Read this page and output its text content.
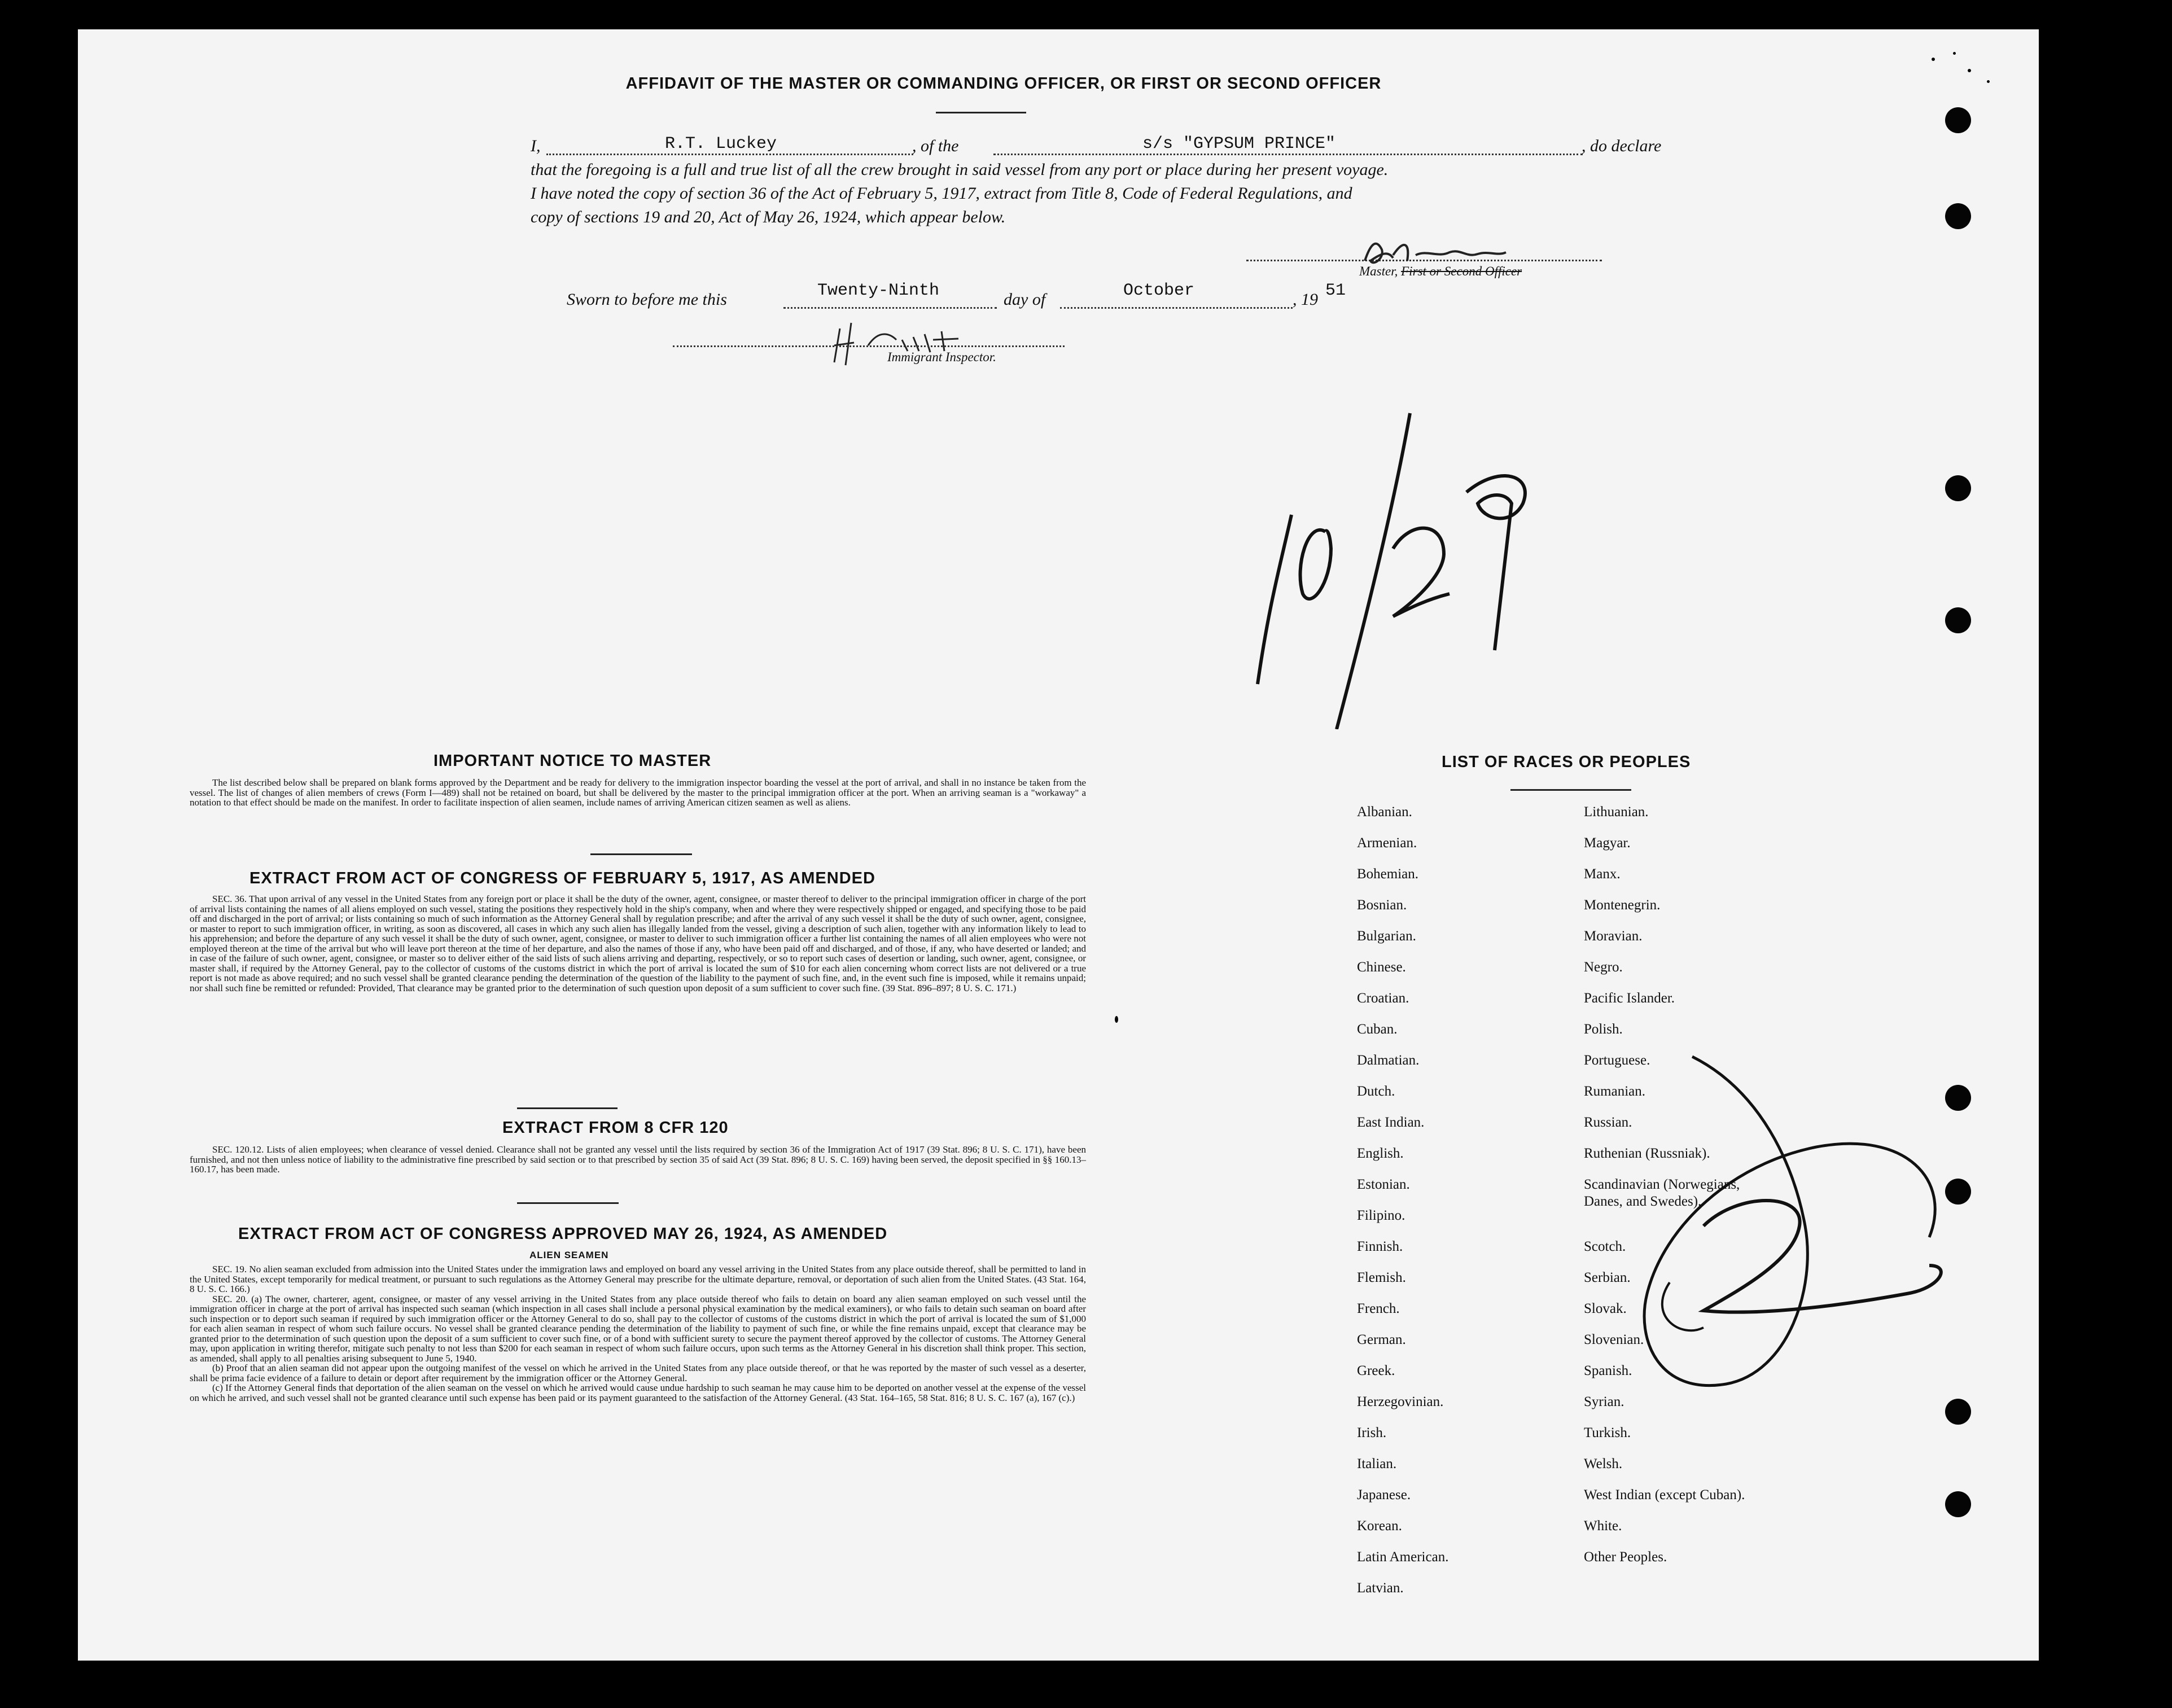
AFFIDAVIT OF THE MASTER OR COMMANDING OFFICER, OR FIRST OR SECOND OFFICER
I,	R.T. Luckey	, of the	s/s "GYPSUM PRINCE"	, do declare
that the foregoing is a full and true list of all the crew brought in said vessel from any port or place during her present voyage.
I have noted the copy of section 36 of the Act of February 5, 1917, extract from Title 8, Code of Federal Regulations, and
copy of sections 19 and 20, Act of May 26, 1924, which appear below.
Master, First or Second Officer
Sworn to before me this	Twenty-Ninth	day of	October	, 19 51
Immigrant Inspector.
IMPORTANT NOTICE TO MASTER

The list described below shall be prepared on blank forms approved by the Department and be ready for delivery to the immigration inspector boarding the vessel at the port of arrival, and shall in no instance be taken from the vessel. The list of changes of alien members of crews (Form I—489) shall not be retained on board, but shall be delivered by the master to the principal immigration officer at the port. When an arriving seaman is a "workaway" a notation to that effect should be made on the manifest. In order to facilitate inspection of alien seamen, include names of arriving American citizen seamen as well as aliens.

EXTRACT FROM ACT OF CONGRESS OF FEBRUARY 5, 1917, AS AMENDED

SEC. 36. That upon arrival of any vessel in the United States from any foreign port or place it shall be the duty of the owner, agent, consignee, or master thereof to deliver to the principal immigration officer in charge of the port of arrival lists containing the names of all aliens employed on such vessel, stating the positions they respectively hold in the ship's company, when and where they were respectively shipped or engaged, and specifying those to be paid off and discharged in the port of arrival; or lists containing so much of such information as the Attorney General shall by regulation prescribe; and after the arrival of any such vessel it shall be the duty of such owner, agent, consignee, or master to report to such immigration officer, in writing, as soon as discovered, all cases in which any such alien has illegally landed from the vessel, giving a description of such alien, together with any information likely to lead to his apprehension; and before the departure of any such vessel it shall be the duty of such owner, agent, consignee, or master to deliver to such immigration officer a further list containing the names of all alien employees who were not employed thereon at the time of the arrival but who will leave port thereon at the time of her departure, and also the names of those if any, who have been paid off and discharged, and of those, if any, who have deserted or landed; and in case of the failure of such owner, agent, consignee, or master so to deliver either of the said lists of such aliens arriving and departing, respectively, or so to report such cases of desertion or landing, such owner, agent, consignee, or master shall, if required by the Attorney General, pay to the collector of customs of the customs district in which the port of arrival is located the sum of $10 for each alien concerning whom correct lists are not delivered or a true report is not made as above required; and no such vessel shall be granted clearance pending the determination of the question of the liability to the payment of such fine, and, in the event such fine is imposed, while it remains unpaid; nor shall such fine be remitted or refunded: Provided, That clearance may be granted prior to the determination of such question upon deposit of a sum sufficient to cover such fine. (39 Stat. 896–897; 8 U. S. C. 171.)

EXTRACT FROM 8 CFR 120

SEC. 120.12. Lists of alien employees; when clearance of vessel denied. Clearance shall not be granted any vessel until the lists required by section 36 of the Immigration Act of 1917 (39 Stat. 896; 8 U. S. C. 171), have been furnished, and not then unless notice of liability to the administrative fine prescribed by said section or to that prescribed by section 35 of said Act (39 Stat. 896; 8 U. S. C. 169) having been served, the deposit specified in §§ 160.13–160.17, has been made.

EXTRACT FROM ACT OF CONGRESS APPROVED MAY 26, 1924, AS AMENDED
ALIEN SEAMEN

SEC. 19. No alien seaman excluded from admission into the United States under the immigration laws and employed on board any vessel arriving in the United States from any place outside thereof, shall be permitted to land in the United States, except temporarily for medical treatment, or pursuant to such regulations as the Attorney General may prescribe for the ultimate departure, removal, or deportation of such alien from the United States. (43 Stat. 164, 8 U. S. C. 166.)

SEC. 20. (a) The owner, charterer, agent, consignee, or master of any vessel arriving in the United States from any place outside thereof who fails to detain on board any alien seaman employed on such vessel until the immigration officer in charge at the port of arrival has inspected such seaman (which inspection in all cases shall include a personal physical examination by the medical examiners), or who fails to detain such seaman on board after such inspection or to deport such seaman if required by such immigration officer or the Attorney General to do so, shall pay to the collector of customs of the customs district in which the port of arrival is located the sum of $1,000 for each alien seaman in respect of whom such failure occurs. No vessel shall be granted clearance pending the determination of the liability to payment of such fine, or while the fine remains unpaid, except that clearance may be granted prior to the determination of such question upon the deposit of a sum sufficient to cover such fine, or of a bond with sufficient surety to secure the payment thereof approved by the collector of customs. The Attorney General may, upon application in writing therefor, mitigate such penalty to not less than $200 for each seaman in respect of whom such failure occurs, upon such terms as the Attorney General in his discretion shall think proper. This section, as amended, shall apply to all penalties arising subsequent to June 5, 1940.

(b) Proof that an alien seaman did not appear upon the outgoing manifest of the vessel on which he arrived in the United States from any place outside thereof, or that he was reported by the master of such vessel as a deserter, shall be prima facie evidence of a failure to detain or deport after requirement by the immigration officer or the Attorney General.

(c) If the Attorney General finds that deportation of the alien seaman on the vessel on which he arrived would cause undue hardship to such seaman he may cause him to be deported on another vessel at the expense of the vessel on which he arrived, and such vessel shall not be granted clearance until such expense has been paid or its payment guaranteed to the satisfaction of the Attorney General. (43 Stat. 164–165, 58 Stat. 816; 8 U. S. C. 167 (a), 167 (c).)

LIST OF RACES OR PEOPLES
Albanian.
Armenian.
Bohemian.
Bosnian.
Bulgarian.
Chinese.
Croatian.
Cuban.
Dalmatian.
Dutch.
East Indian.
English.
Estonian.
Filipino.
Finnish.
Flemish.
French.
German.
Greek.
Herzegovinian.
Irish.
Italian.
Japanese.
Korean.
Latin American.
Latvian.
Lithuanian.
Magyar.
Manx.
Montenegrin.
Moravian.
Negro.
Pacific Islander.
Polish.
Portuguese.
Rumanian.
Russian.
Ruthenian (Russniak).
Scandinavian (Norwegians,
Danes, and Swedes).
Scotch.
Serbian.
Slovak.
Slovenian.
Spanish.
Syrian.
Turkish.
Welsh.
West Indian (except Cuban).
White.
Other Peoples.
